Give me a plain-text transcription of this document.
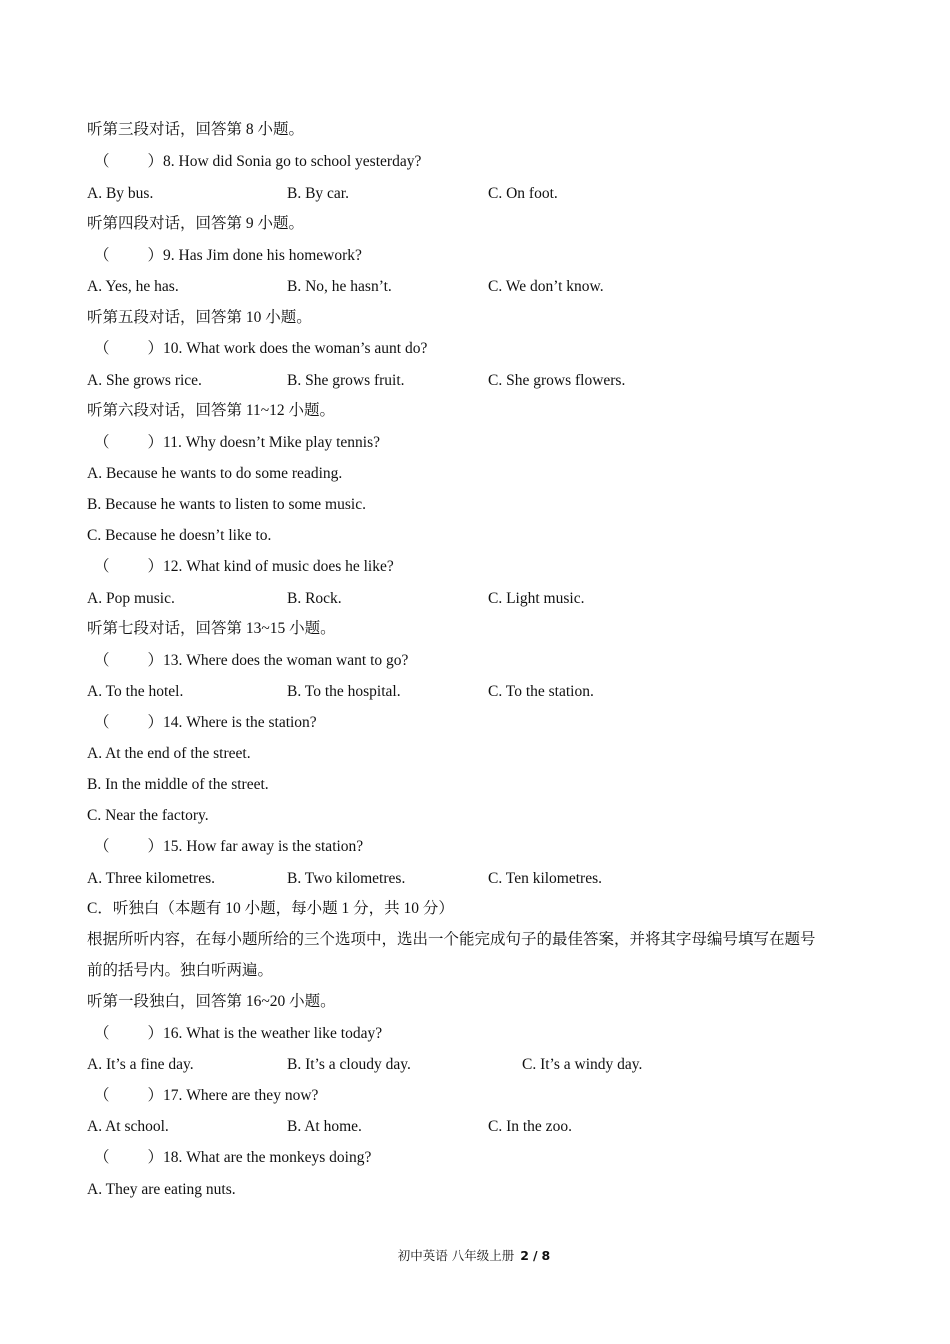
听第三段对话，回答第 8 小题。
（ ）8. How did Sonia go to school yesterday?
A. By bus.	B. By car.	C. On foot.
听第四段对话，回答第 9 小题。
（ ）9. Has Jim done his homework?
A. Yes, he has.	B. No, he hasn’t.	C. We don’t know.
听第五段对话，回答第 10 小题。
（ ）10. What work does the woman’s aunt do?
A. She grows rice.	B. She grows fruit.	C. She grows flowers.
听第六段对话，回答第 11~12 小题。
（ ）11. Why doesn’t Mike play tennis?
A. Because he wants to do some reading.
B. Because he wants to listen to some music.
C. Because he doesn’t like to.
（ ）12. What kind of music does he like?
A. Pop music.	B. Rock.	C. Light music.
听第七段对话，回答第 13~15 小题。
（ ）13. Where does the woman want to go?
A. To the hotel.	B. To the hospital.	C. To the station.
（ ）14. Where is the station?
A. At the end of the street.
B. In the middle of the street.
C. Near the factory.
（ ）15. How far away is the station?
A. Three kilometres.	B. Two kilometres.	C. Ten kilometres.
C．听独白（本题有 10 小题，每小题 1 分，共 10 分）
根据所听内容，在每小题所给的三个选项中，选出一个能完成句子的最佳答案，并将其字母编号填写在题号
前的括号内。独白听两遍。
听第一段独白，回答第 16~20 小题。
（ ）16. What is the weather like today?
A. It’s a fine day.	B. It’s a cloudy day.	C. It’s a windy day.
（ ）17. Where are they now?
A. At school.	B. At home.	C. In the zoo.
（ ）18. What are the monkeys doing?
A. They are eating nuts.
初中英语 八年级上册 2 / 8
